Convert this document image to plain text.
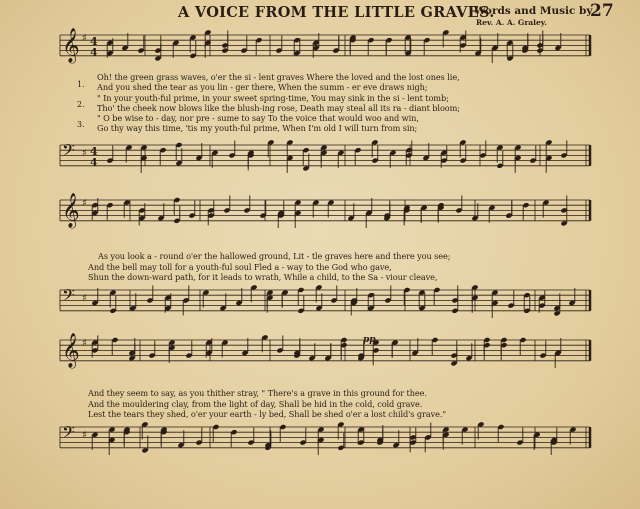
A VOICE FROM THE LITTLE GRAVES.
Words and Music by
27
Rev. A. A. Graley.
𝄞 ♯ 4
4
𝄢 ♯ 4
4
𝄞 ♯
𝄢 ♯
𝄞 ♯
𝄢 ♯
1.
2.
3.
Oh! the green grass waves, o'er the si - lent graves Where the loved and the lost ones lie,
And you shed the tear as you lin - ger there, When the summ - er eve draws nigh;
" In your youth-ful prime, in your sweet spring-time, You may sink in the si - lent tomb;
Tho' the cheek now blows like the blush-ing rose, Death may steal all its ra - diant bloom;
" O be wise to - day, nor pre - sume to say To the voice that would woo and win,
Go thy way this time, 'tis my youth-ful prime, When I'm old I will turn from sin;
As you look a - round o'er the hallowed ground, Lit - tle graves here and there you see;
And the bell may toll for a youth-ful soul Fled a - way to the God who gave,
Shun the down-ward path, for it leads to wrath, While a child, to the Sa - viour cleave,
pp
And they seem to say, as you thither stray, " There's a grave in this ground for thee.
And the mouldering clay, from the light of day, Shall be hid in the cold, cold grave.
Lest the tears they shed, o'er your earth - ly bed, Shall be shed o'er a lost child's grave."
